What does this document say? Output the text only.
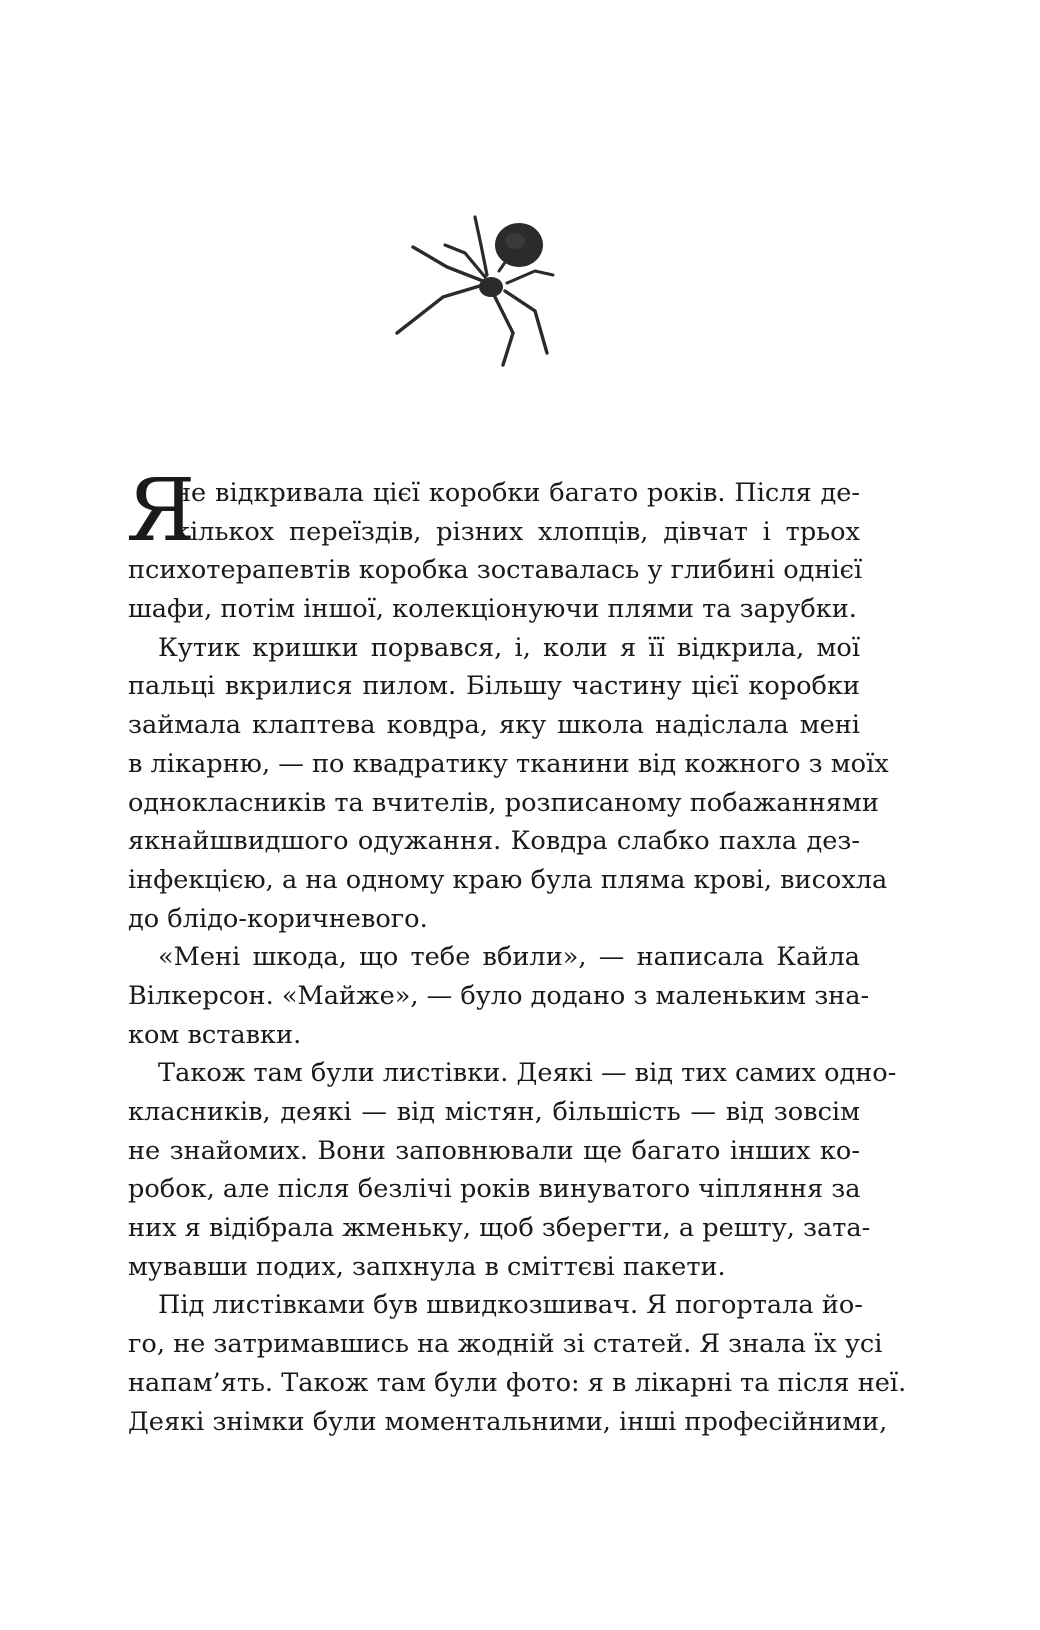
Я
не відкривала цієї коробки багато років. Після де-
кількох переїздів, різних хлопців, дівчат і трьох
психотерапевтів коробка зоставалась у глибині однієї
шафи, потім іншої, колекціонуючи плями та зарубки.
Кутик кришки порвався, і, коли я її відкрила, мої
пальці вкрилися пилом. Більшу частину цієї коробки
займала клаптева ковдра, яку школа надіслала мені
в лікарню, — по квадратику тканини від кожного з моїх
однокласників та вчителів, розписаному побажаннями
якнайшвидшого одужання. Ковдра слабко пахла дез-
інфекцією, а на одному краю була пляма крові, висохла
до блідо-коричневого.
«Мені шкода, що тебе вбили», — написала Кайла
Вілкерсон. «Майже», — було додано з маленьким зна-
ком вставки.
Також там були листівки. Деякі — від тих самих одно-
класників, деякі — від містян, більшість — від зовсім
не знайомих. Вони заповнювали ще багато інших ко-
робок, але після безлічі років винуватого чіпляння за
них я відібрала жменьку, щоб зберегти, а решту, зата-
мувавши подих, запхнула в сміттєві пакети.
Під листівками був швидкозшивач. Я погортала йо-
го, не затримавшись на жодній зі статей. Я знала їх усі
напам’ять. Також там були фото: я в лікарні та після неї.
Деякі знімки були моментальними, інші професійними,
